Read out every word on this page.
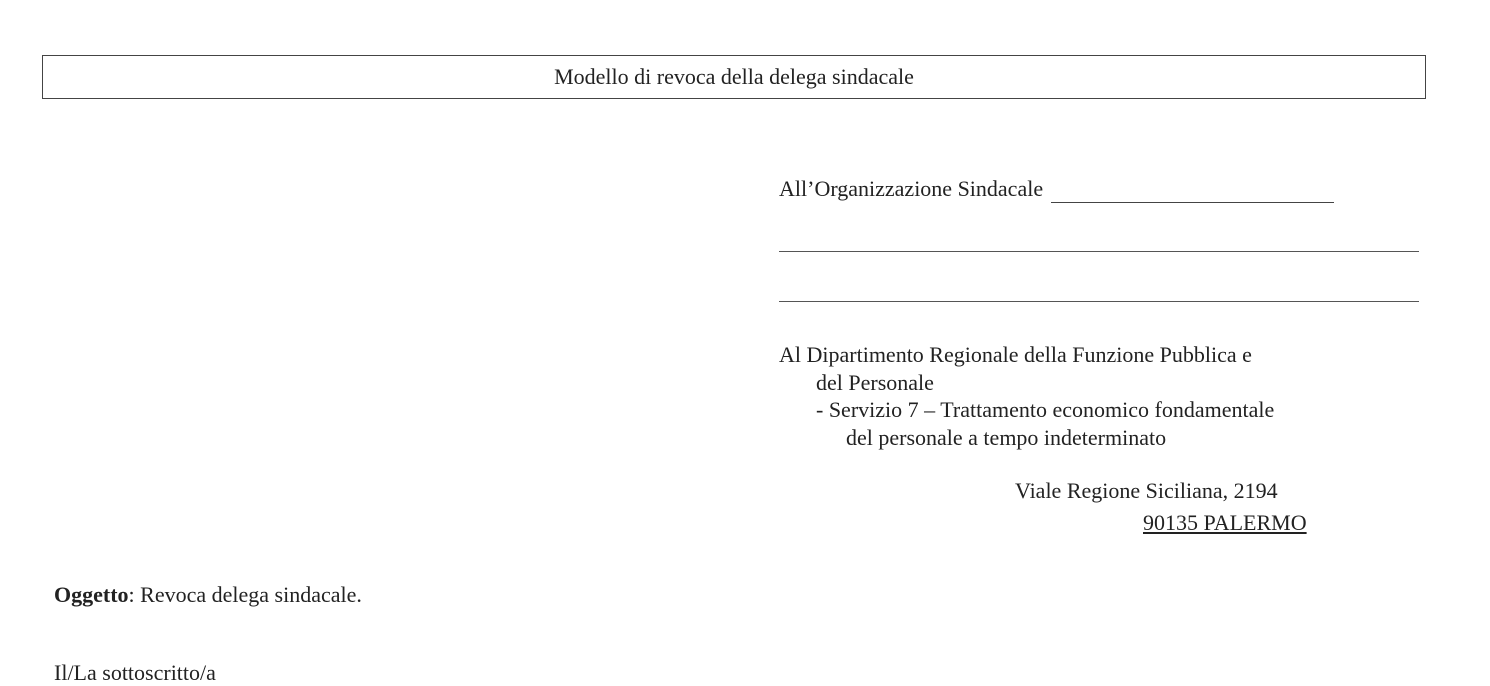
Modello di revoca della delega sindacale
All’Organizzazione Sindacale
Al Dipartimento Regionale della Funzione Pubblica e
del Personale
- Servizio 7 – Trattamento economico fondamentale
del personale a tempo indeterminato
Viale Regione Siciliana, 2194
90135 PALERMO
Oggetto: Revoca delega sindacale.
Il/La sottoscritto/a
